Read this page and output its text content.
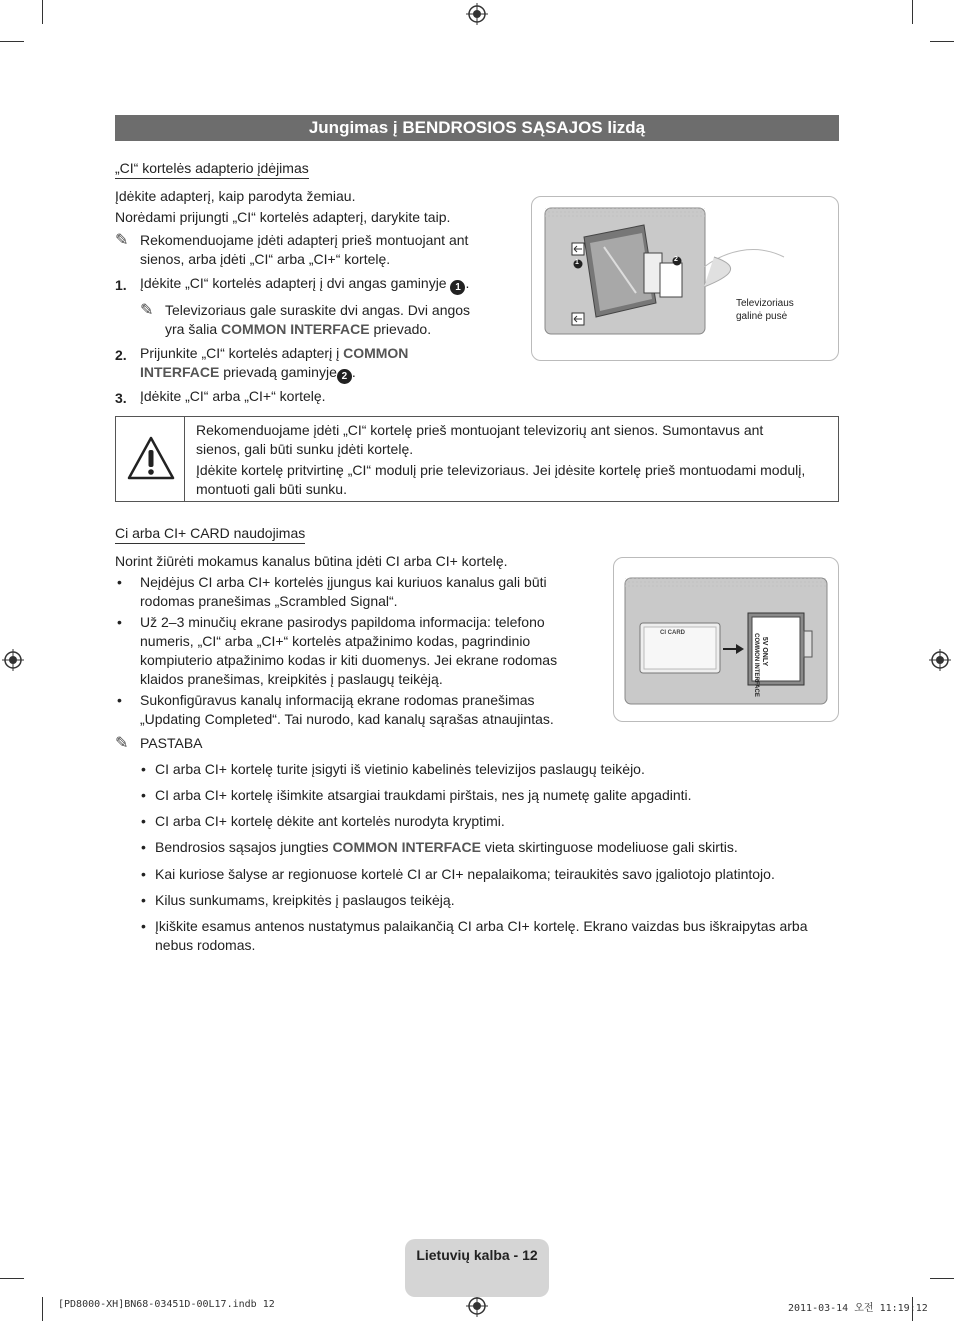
Jungimas į BENDROSIOS SĄSAJOS lizdą
„CI“ kortelės adapterio įdėjimas
Įdėkite adapterį, kaip parodyta žemiau.
Norėdami prijungti „CI“ kortelės adapterį, darykite taip.
✎ Rekomenduojame įdėti adapterį prieš montuojant ant
sienos, arba įdėti „CI“ arba „CI+“ kortelę.
1. Įdėkite „CI“ kortelės adapterį į dvi angas gaminyje 1 .
✎ Televizoriaus gale suraskite dvi angas. Dvi angos
yra šalia COMMON INTERFACE prievado.
2. Prijunkite „CI“ kortelės adapterį į COMMON
INTERFACE prievadą gaminyje 2 .
3. Įdėkite „CI“ arba „CI+“ kortelę.
1	2
Televizoriaus
galinė pusė
Rekomenduojame įdėti „CI“ kortelę prieš montuojant televizorių ant sienos. Sumontavus ant
sienos, gali būti sunku įdėti kortelę.
Įdėkite kortelę pritvirtinę „CI“ modulį prie televizoriaus. Jei įdėsite kortelę prieš montuodami modulį,
montuoti gali būti sunku.
Ci arba CI+ CARD naudojimas
Norint žiūrėti mokamus kanalus būtina įdėti CI arba CI+ kortelę.
• Neįdėjus CI arba CI+ kortelės įjungus kai kuriuos kanalus gali būti
rodomas pranešimas „Scrambled Signal“.
• Už 2–3 minučių ekrane pasirodys papildoma informacija: telefono
numeris, „CI“ arba „CI+“ kortelės atpažinimo kodas, pagrindinio
kompiuterio atpažinimo kodas ir kiti duomenys. Jei ekrane rodomas
klaidos pranešimas, kreipkitės į paslaugų teikėją.
• Sukonfigūravus kanalų informaciją ekrane rodomas pranešimas
„Updating Completed“. Tai nurodo, kad kanalų sąrašas atnaujintas.
✎ PASTABA
CI CARD
COMMON INTERFACE 5V ONLY
• CI arba CI+ kortelę turite įsigyti iš vietinio kabelinės televizijos paslaugų teikėjo.
• CI arba CI+ kortelę išimkite atsargiai traukdami pirštais, nes ją numetę galite apgadinti.
• CI arba CI+ kortelę dėkite ant kortelės nurodyta kryptimi.
• Bendrosios sąsajos jungties COMMON INTERFACE vieta skirtinguose modeliuose gali skirtis.
• Kai kuriose šalyse ar regionuose kortelė CI ar CI+ nepalaikoma; teiraukitės savo įgaliotojo platintojo.
• Kilus sunkumams, kreipkitės į paslaugos teikėją.
• Įkiškite esamus antenos nustatymus palaikančią CI arba CI+ kortelę. Ekrano vaizdas bus iškraipytas arba
nebus rodomas.
Lietuvių kalba - 12
[PD8000-XH]BN68-03451D-00L17.indb 12	2011-03-14 오전 11:19:12
